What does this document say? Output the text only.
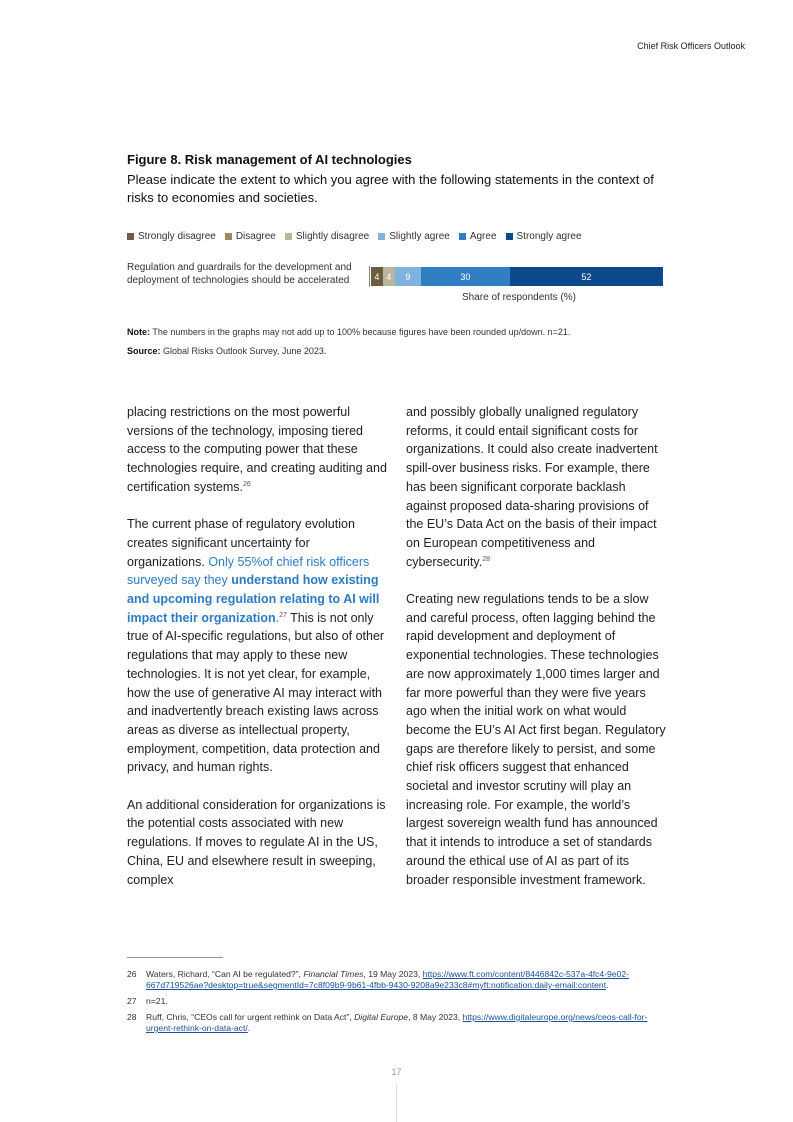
Chief Risk Officers Outlook
Figure 8. Risk management of AI technologies
Please indicate the extent to which you agree with the following statements in the context of risks to economies and societies.
Strongly disagree Disagree Slightly disagree Slightly agree Agree Strongly agree
Regulation and guardrails for the development and deployment of technologies should be accelerated	4 4	9	30	52
Share of respondents (%)
Note: The numbers in the graphs may not add up to 100% because figures have been rounded up/down. n=21.
Source: Global Risks Outlook Survey, June 2023.

placing restrictions on the most powerful versions of the technology, imposing tiered access to the computing power that these technologies require, and creating auditing and certification systems.$^{26}$

The current phase of regulatory evolution creates significant uncertainty for organizations. Only 55%of chief risk officers surveyed say they understand how existing and upcoming regulation relating to AI will impact their organization.$^{27}$ This is not only true of AI-specific regulations, but also of other regulations that may apply to these new technologies. It is not yet clear, for example, how the use of generative AI may interact with and inadvertently breach existing laws across areas as diverse as intellectual property, employment, competition, data protection and privacy, and human rights.

An additional consideration for organizations is the potential costs associated with new regulations. If moves to regulate AI in the US, China, EU and elsewhere result in sweeping, complex

and possibly globally unaligned regulatory reforms, it could entail significant costs for organizations. It could also create inadvertent spill-over business risks. For example, there has been significant corporate backlash against proposed data-sharing provisions of the EU’s Data Act on the basis of their impact on European competitiveness and cybersecurity.$^{28}$

Creating new regulations tends to be a slow and careful process, often lagging behind the rapid development and deployment of exponential technologies. These technologies are now approximately 1,000 times larger and far more powerful than they were five years ago when the initial work on what would become the EU’s AI Act first began. Regulatory gaps are therefore likely to persist, and some chief risk officers suggest that enhanced societal and investor scrutiny will play an increasing role. For example, the world’s largest sovereign wealth fund has announced that it intends to introduce a set of standards around the ethical use of AI as part of its broader responsible investment framework.

26 Waters, Richard, “Can AI be regulated?”, Financial Times, 19 May 2023, https://www.ft.com/content/8446842c-537a-4fc4-9e02-667d719526ae?desktop=true&segmentId=7c8f09b9-9b61-4fbb-9430-9208a9e233c8#myft:notification:daily-email:content.
27 n=21.
28 Ruff, Chris, “CEOs call for urgent rethink on Data Act”, Digital Europe, 8 May 2023, https://www.digitaleurope.org/news/ceos-call-for-urgent-rethink-on-data-act/.
17
